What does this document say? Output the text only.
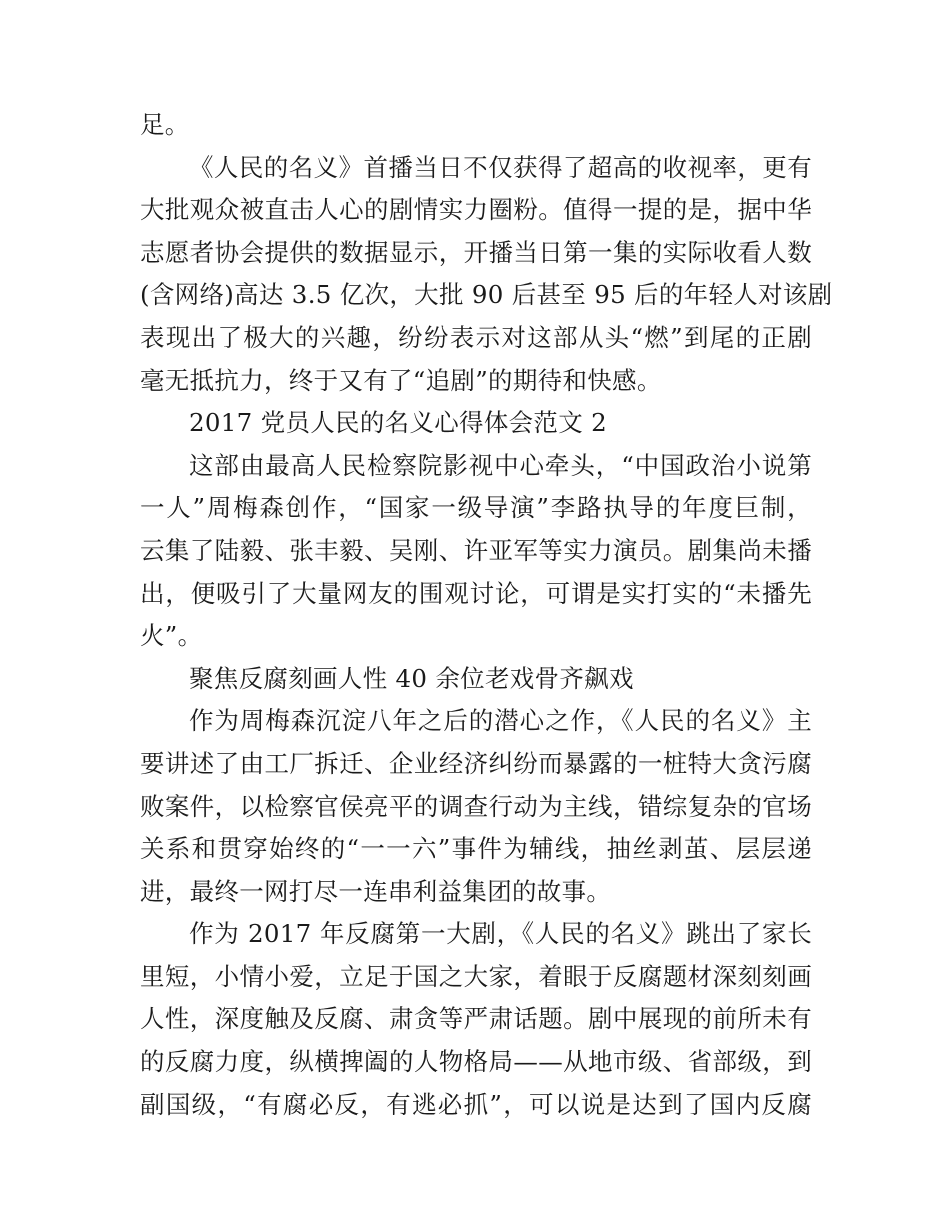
足。
《人民的名义》首播当日不仅获得了超高的收视率，更有
大批观众被直击人心的剧情实力圈粉。值得一提的是，据中华
志愿者协会提供的数据显示，开播当日第一集的实际收看人数
(含网络)高达 3.5 亿次，大批 90 后甚至 95 后的年轻人对该剧
表现出了极大的兴趣，纷纷表示对这部从头“燃”到尾的正剧
毫无抵抗力，终于又有了“追剧”的期待和快感。
2017 党员人民的名义心得体会范文 2
这部由最高人民检察院影视中心牵头，“中国政治小说第
一人”周梅森创作，“国家一级导演”李路执导的年度巨制，
云集了陆毅、张丰毅、吴刚、许亚军等实力演员。剧集尚未播
出，便吸引了大量网友的围观讨论，可谓是实打实的“未播先
火”。
聚焦反腐刻画人性 40 余位老戏骨齐飙戏
作为周梅森沉淀八年之后的潜心之作，《人民的名义》主
要讲述了由工厂拆迁、企业经济纠纷而暴露的一桩特大贪污腐
败案件，以检察官侯亮平的调查行动为主线，错综复杂的官场
关系和贯穿始终的“一一六”事件为辅线，抽丝剥茧、层层递
进，最终一网打尽一连串利益集团的故事。
作为 2017 年反腐第一大剧，《人民的名义》跳出了家长
里短，小情小爱，立足于国之大家，着眼于反腐题材深刻刻画
人性，深度触及反腐、肃贪等严肃话题。剧中展现的前所未有
的反腐力度，纵横捭阖的人物格局——从地市级、省部级，到
副国级，“有腐必反，有逃必抓”，可以说是达到了国内反腐
